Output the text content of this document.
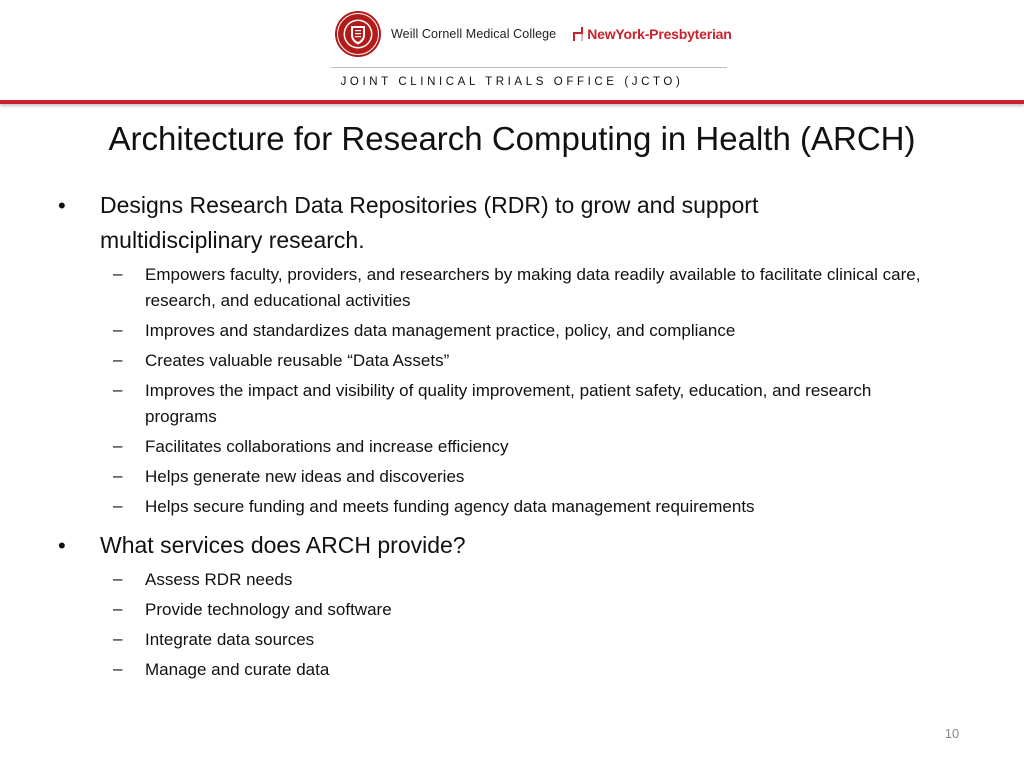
Weill Cornell Medical College NewYork-Presbyterian
JOINT CLINICAL TRIALS OFFICE (JCTO)
Architecture for Research Computing in Health (ARCH)
• Designs Research Data Repositories (RDR) to grow and support multidisciplinary research.
– Empowers faculty, providers, and researchers by making data readily available to facilitate clinical care, research, and educational activities
– Improves and standardizes data management practice, policy, and compliance
– Creates valuable reusable “Data Assets”
– Improves the impact and visibility of quality improvement, patient safety, education, and research programs
– Facilitates collaborations and increase efficiency
– Helps generate new ideas and discoveries
– Helps secure funding and meets funding agency data management requirements
• What services does ARCH provide?
– Assess RDR needs
– Provide technology and software
– Integrate data sources
– Manage and curate data
10
